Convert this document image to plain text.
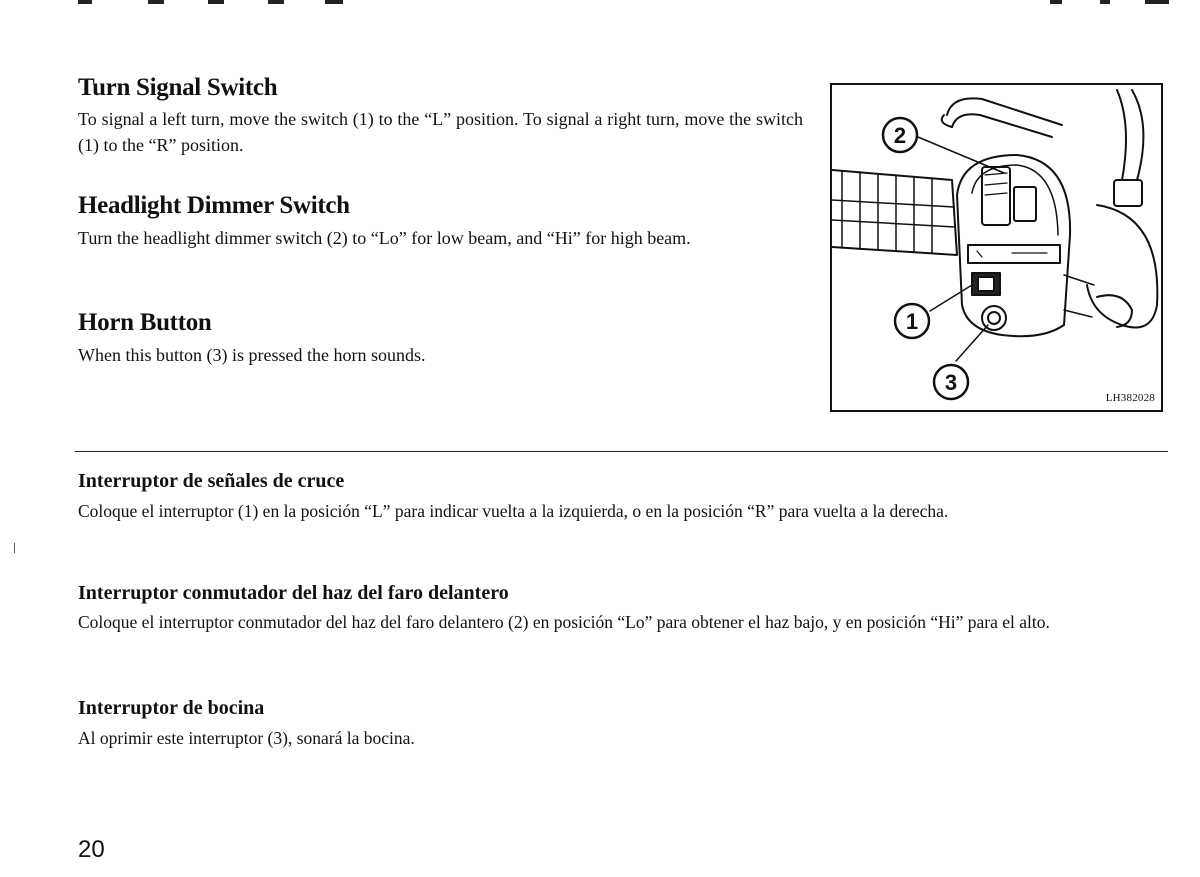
Turn Signal Switch
To signal a left turn, move the switch (1) to the “L” position. To signal a right turn, move the switch (1) to the “R” position.
Headlight Dimmer Switch
Turn the headlight dimmer switch (2) to “Lo” for low beam, and “Hi” for high beam.
Horn Button
When this button (3) is pressed the horn sounds.
2
1
3
LH382028
Interruptor de señales de cruce
Coloque el interruptor (1) en la posición “L” para indicar vuelta a la izquierda, o en la posición “R” para vuelta a la derecha.
Interruptor conmutador del haz del faro delantero
Coloque el interruptor conmutador del haz del faro delantero (2) en posición “Lo” para obtener el haz bajo, y en posición “Hi” para el alto.
Interruptor de bocina
Al oprimir este interruptor (3), sonará la bocina.
20
